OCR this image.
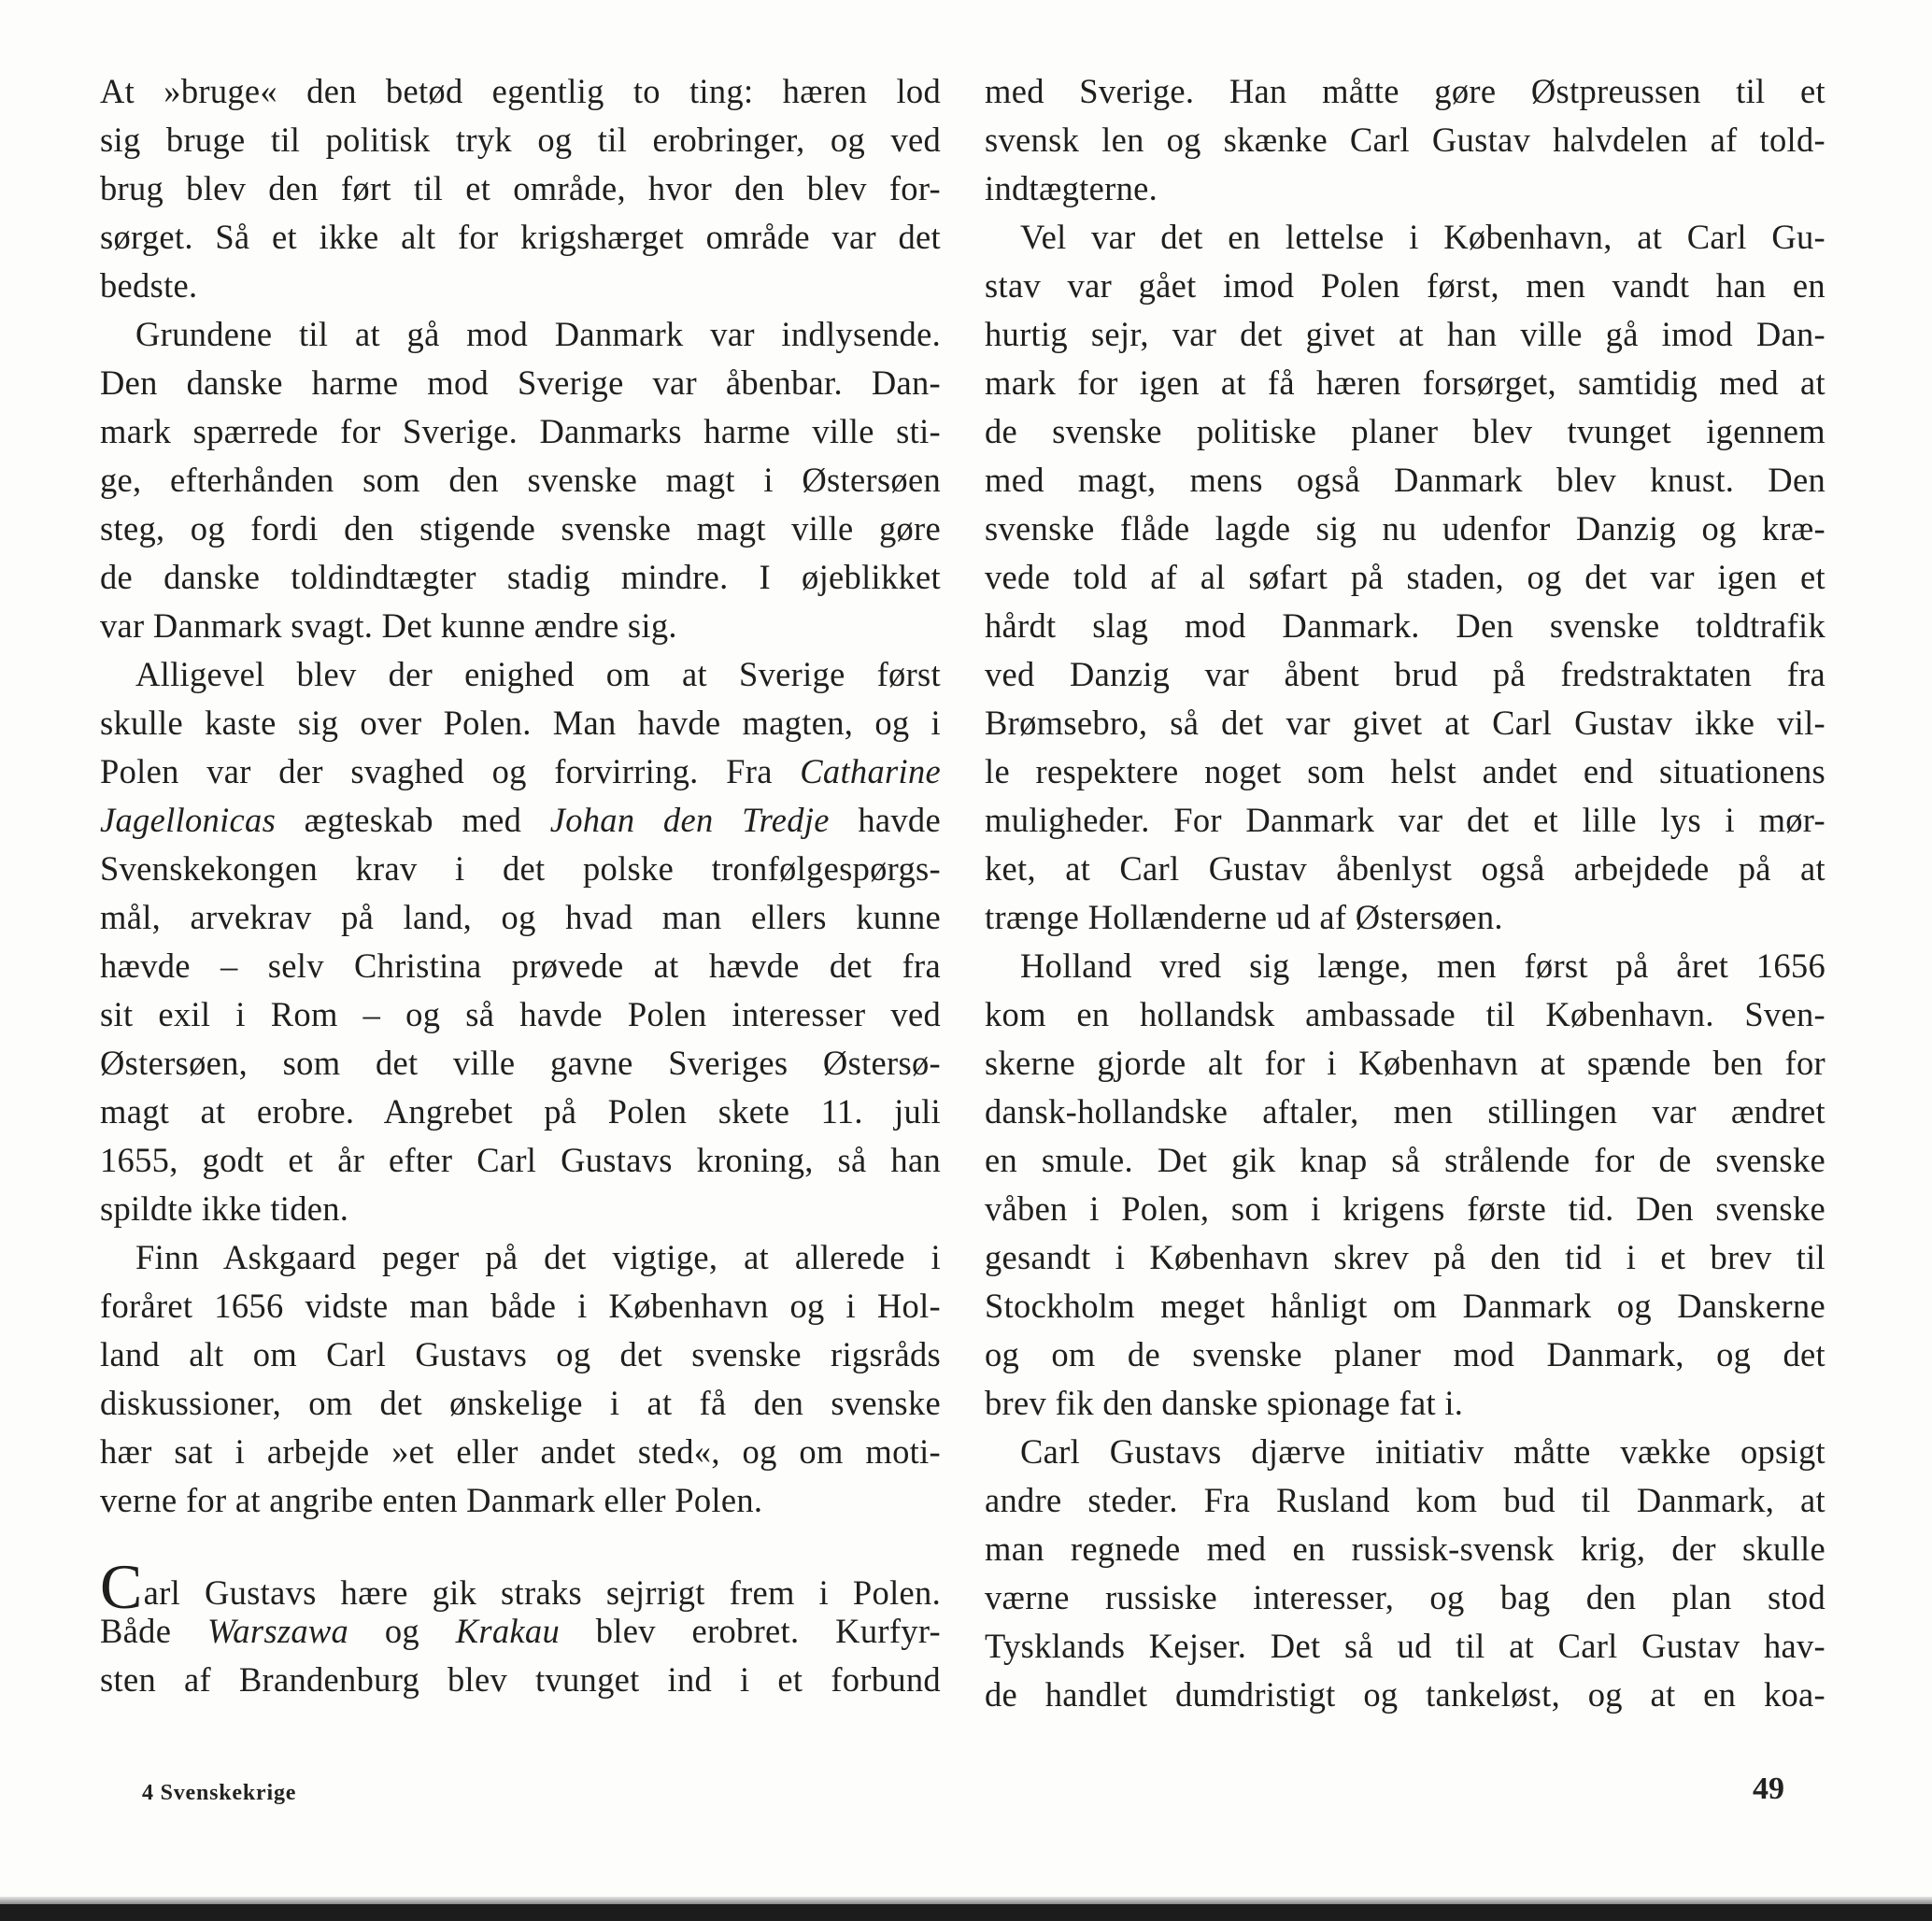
At »bruge« den betød egentlig to ting: hæren lod
sig bruge til politisk tryk og til erobringer, og ved
brug blev den ført til et område, hvor den blev for-
sørget. Så et ikke alt for krigshærget område var det
bedste.
Grundene til at gå mod Danmark var indlysende.
Den danske harme mod Sverige var åbenbar. Dan-
mark spærrede for Sverige. Danmarks harme ville sti-
ge, efterhånden som den svenske magt i Østersøen
steg, og fordi den stigende svenske magt ville gøre
de danske toldindtægter stadig mindre. I øjeblikket
var Danmark svagt. Det kunne ændre sig.
Alligevel blev der enighed om at Sverige først
skulle kaste sig over Polen. Man havde magten, og i
Polen var der svaghed og forvirring. Fra Catharine
Jagellonicas ægteskab med Johan den Tredje havde
Svenskekongen krav i det polske tronfølgespørgs-
mål, arvekrav på land, og hvad man ellers kunne
hævde – selv Christina prøvede at hævde det fra
sit exil i Rom – og så havde Polen interesser ved
Østersøen, som det ville gavne Sveriges Østersø-
magt at erobre. Angrebet på Polen skete 11. juli
1655, godt et år efter Carl Gustavs kroning, så han
spildte ikke tiden.
Finn Askgaard peger på det vigtige, at allerede i
foråret 1656 vidste man både i København og i Hol-
land alt om Carl Gustavs og det svenske rigsråds
diskussioner, om det ønskelige i at få den svenske
hær sat i arbejde »et eller andet sted«, og om moti-
verne for at angribe enten Danmark eller Polen.
Carl Gustavs hære gik straks sejrrigt frem i Polen.
Både Warszawa og Krakau blev erobret. Kurfyr-
sten af Brandenburg blev tvunget ind i et forbund
med Sverige. Han måtte gøre Østpreussen til et
svensk len og skænke Carl Gustav halvdelen af told-
indtægterne.
Vel var det en lettelse i København, at Carl Gu-
stav var gået imod Polen først, men vandt han en
hurtig sejr, var det givet at han ville gå imod Dan-
mark for igen at få hæren forsørget, samtidig med at
de svenske politiske planer blev tvunget igennem
med magt, mens også Danmark blev knust. Den
svenske flåde lagde sig nu udenfor Danzig og kræ-
vede told af al søfart på staden, og det var igen et
hårdt slag mod Danmark. Den svenske toldtrafik
ved Danzig var åbent brud på fredstraktaten fra
Brømsebro, så det var givet at Carl Gustav ikke vil-
le respektere noget som helst andet end situationens
muligheder. For Danmark var det et lille lys i mør-
ket, at Carl Gustav åbenlyst også arbejdede på at
trænge Hollænderne ud af Østersøen.
Holland vred sig længe, men først på året 1656
kom en hollandsk ambassade til København. Sven-
skerne gjorde alt for i København at spænde ben for
dansk-hollandske aftaler, men stillingen var ændret
en smule. Det gik knap så strålende for de svenske
våben i Polen, som i krigens første tid. Den svenske
gesandt i København skrev på den tid i et brev til
Stockholm meget hånligt om Danmark og Danskerne
og om de svenske planer mod Danmark, og det
brev fik den danske spionage fat i.
Carl Gustavs djærve initiativ måtte vække opsigt
andre steder. Fra Rusland kom bud til Danmark, at
man regnede med en russisk-svensk krig, der skulle
værne russiske interesser, og bag den plan stod
Tysklands Kejser. Det så ud til at Carl Gustav hav-
de handlet dumdristigt og tankeløst, og at en koa-
4 Svenskekrige	49
